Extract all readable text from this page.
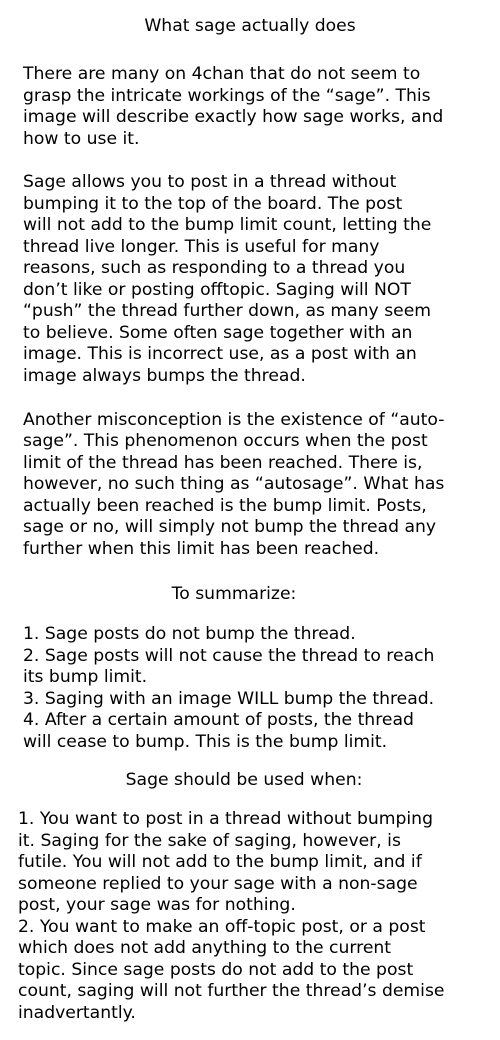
What sage actually does
There are many on 4chan that do not seem to
grasp the intricate workings of the “sage”. This
image will describe exactly how sage works, and
how to use it.
Sage allows you to post in a thread without
bumping it to the top of the board. The post
will not add to the bump limit count, letting the
thread live longer. This is useful for many
reasons, such as responding to a thread you
don’t like or posting offtopic. Saging will NOT
“push” the thread further down, as many seem
to believe. Some often sage together with an
image. This is incorrect use, as a post with an
image always bumps the thread.
Another misconception is the existence of “auto-
sage”. This phenomenon occurs when the post
limit of the thread has been reached. There is,
however, no such thing as “autosage”. What has
actually been reached is the bump limit. Posts,
sage or no, will simply not bump the thread any
further when this limit has been reached.
To summarize:
1. Sage posts do not bump the thread.
2. Sage posts will not cause the thread to reach
its bump limit.
3. Saging with an image WILL bump the thread.
4. After a certain amount of posts, the thread
will cease to bump. This is the bump limit.
Sage should be used when:
1. You want to post in a thread without bumping
it. Saging for the sake of saging, however, is
futile. You will not add to the bump limit, and if
someone replied to your sage with a non-sage
post, your sage was for nothing.
2. You want to make an off-topic post, or a post
which does not add anything to the current
topic. Since sage posts do not add to the post
count, saging will not further the thread’s demise
inadvertantly.
